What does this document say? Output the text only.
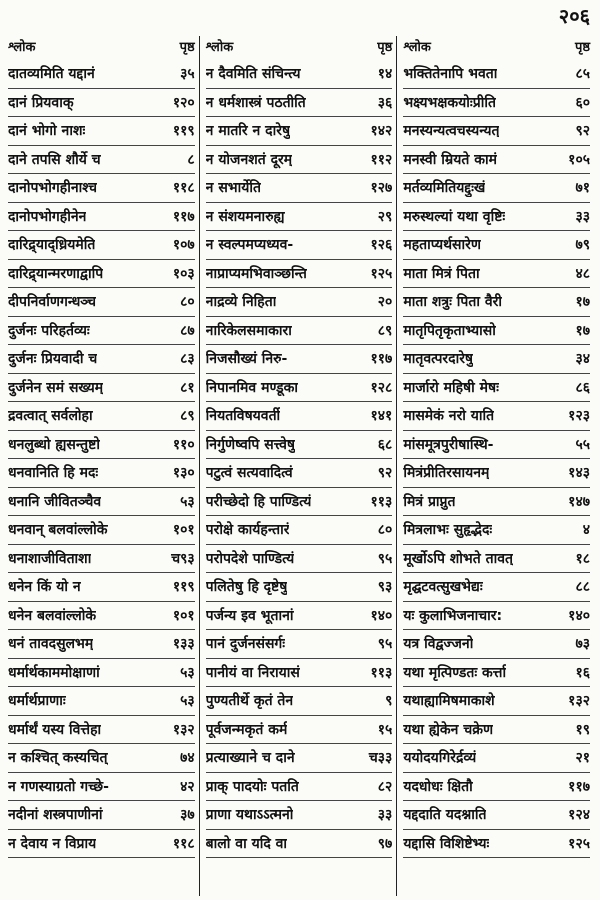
२०६
श्लोक	पृष्ठ
दातव्यमिति यद्दानं	३५
दानं प्रियवाक्	१२०
दानं भोगो नाशः	११९
दाने तपसि शौर्ये च	८
दानोपभोगहीनाश्च	११८
दानोपभोगहीनेन	११७
दारिद्र्याद्ध्रियमेति	१०७
दारिद्र्यान्मरणाद्वापि	१०३
दीपनिर्वाणगन्धञ्च	८०
दुर्जनः परिहर्तव्यः	८७
दुर्जनः प्रियवादी च	८३
दुर्जनेन समं सख्यम्	८१
द्रवत्वात् सर्वलोहा	८९
धनलुब्धो ह्यसन्तुष्टो	११०
धनवानिति हि मदः	१३०
धनानि जीवितञ्चैव	५३
धनवान् बलवांल्लोके	१०१
धनाशाजीविताशा	च९३
धनेन किं यो न	११९
धनेन बलवांल्लोके	१०१
धनं तावदसुलभम्	१३३
धर्मार्थकाममोक्षाणां	५३
धर्मार्थप्राणाः	५३
धर्मार्थं यस्य वित्तेहा	१३२
न कश्चित् कस्यचित्	७४
न गणस्याग्रतो गच्छे-	४२
नदीनां शस्त्रपाणीनां	३७
न देवाय न विप्राय	११८
श्लोक	पृष्ठ
न दैवमिति संचिन्त्य	१४
न धर्मशास्त्रं पठतीति	३६
न मातरि न दारेषु	१४२
न योजनशतं दूरम्	११२
न सभार्येति	१२७
न संशयमनारुह्य	२९
न स्वल्पमप्यध्यव-	१२६
नाप्राप्यमभिवाञ्छन्ति	१२५
नाद्रव्ये निहिता	२०
नारिकेलसमाकारा	८९
निजसौख्यं निरु-	११७
निपानमिव मण्डूका	१२८
नियतविषयवर्ती	१४१
निर्गुणेष्वपि सत्त्वेषु	६८
पटुत्वं सत्यवादित्वं	९२
परीच्छेदो हि पाण्डित्यं	११३
परोक्षे कार्यहन्तारं	८०
परोपदेशे पाण्डित्यं	९५
पलितेषु हि दृष्टेषु	९३
पर्जन्य इव भूतानां	१४०
पानं दुर्जनसंसर्गः	९५
पानीयं वा निरायासं	११३
पुण्यतीर्थे कृतं तेन	९
पूर्वजन्मकृतं कर्म	१५
प्रत्याख्याने च दाने	च३३
प्राक् पादयोः पतति	८२
प्राणा यथाऽऽत्मनो	३३
बालो वा यदि वा	९७
श्लोक	पृष्ठ
भक्तितेनापि भवता	८५
भक्ष्यभक्षकयोःप्रीति	६०
मनस्यन्यत्वचस्यन्यत्	९२
मनस्वी म्रियते कामं	१०५
मर्तव्यमितियद्दुःखं	७१
मरुस्थल्यां यथा वृष्टिः	३३
महताप्यर्थसारेण	७९
माता मित्रं पिता	४८
माता शत्रुः पिता वैरी	१७
मातृपितृकृताभ्यासो	१७
मातृवत्परदारेषु	३४
मार्जारो महिषी मेषः	८६
मासमेकं नरो याति	१२३
मांसमूत्रपुरीषास्थि-	५५
मित्रंप्रीतिरसायनम्	१४३
मित्रं प्राप्नुत	१४७
मित्रलाभः सुहृद्भेदः	४
मूर्खोऽपि शोभते तावत्	१८
मृद्घटवत्सुखभेद्यः	८८
यः कुलाभिजनाचार:	१४०
यत्र विद्वज्जनो	७३
यथा मृत्पिण्डतः कर्त्ता	१६
यथाह्यामिषमाकाशे	१३२
यथा ह्येकेन चक्रेण	१९
ययोदयगिरेर्द्रव्यं	२१
यदधोधः क्षितौ	११७
यद्ददाति यदश्नाति	१२४
यद्दासि विशिष्टेभ्यः	१२५
